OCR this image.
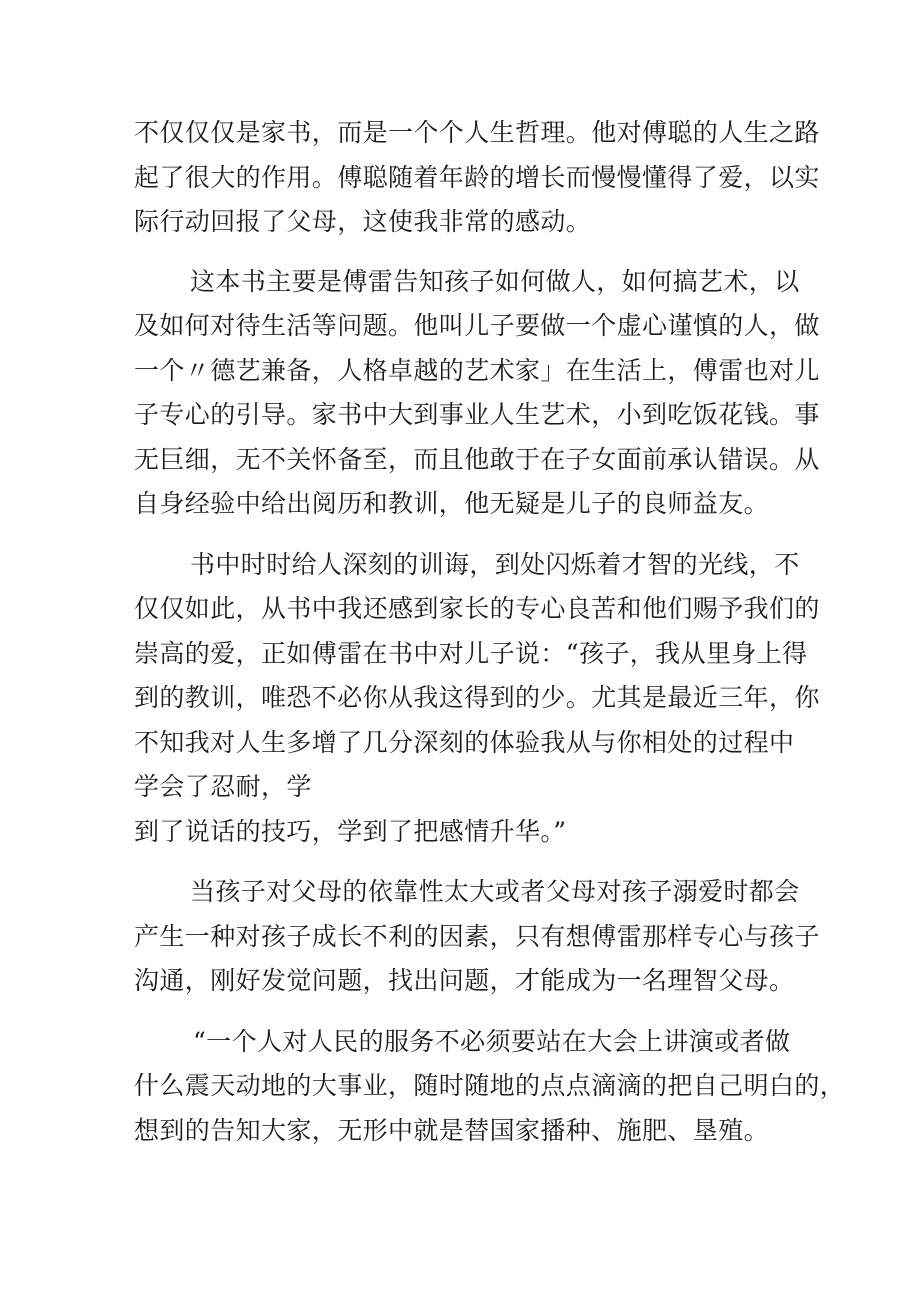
不仅仅仅是家书，而是一个个人生哲理。他对傅聪的人生之路
起了很大的作用。傅聪随着年龄的增长而慢慢懂得了爱，以实
际行动回报了父母，这使我非常的感动。
这本书主要是傅雷告知孩子如何做人，如何搞艺术，以
及如何对待生活等问题。他叫儿子要做一个虚心谨慎的人，做
一个〃德艺兼备，人格卓越的艺术家」在生活上，傅雷也对儿
子专心的引导。家书中大到事业人生艺术，小到吃饭花钱。事
无巨细，无不关怀备至，而且他敢于在子女面前承认错误。从
自身经验中给出阅历和教训，他无疑是儿子的良师益友。
书中时时给人深刻的训诲，到处闪烁着才智的光线，不
仅仅如此，从书中我还感到家长的专心良苦和他们赐予我们的
崇高的爱，正如傅雷在书中对儿子说：“孩子，我从里身上得
到的教训，唯恐不必你从我这得到的少。尤其是最近三年，你
不知我对人生多增了几分深刻的体验我从与你相处的过程中
学会了忍耐，学
到了说话的技巧，学到了把感情升华。”
当孩子对父母的依靠性太大或者父母对孩子溺爱时都会
产生一种对孩子成长不利的因素，只有想傅雷那样专心与孩子
沟通，刚好发觉问题，找出问题，才能成为一名理智父母。
“一个人对人民的服务不必须要站在大会上讲演或者做
什么震天动地的大事业，随时随地的点点滴滴的把自己明白的，
想到的告知大家，无形中就是替国家播种、施肥、垦殖。
